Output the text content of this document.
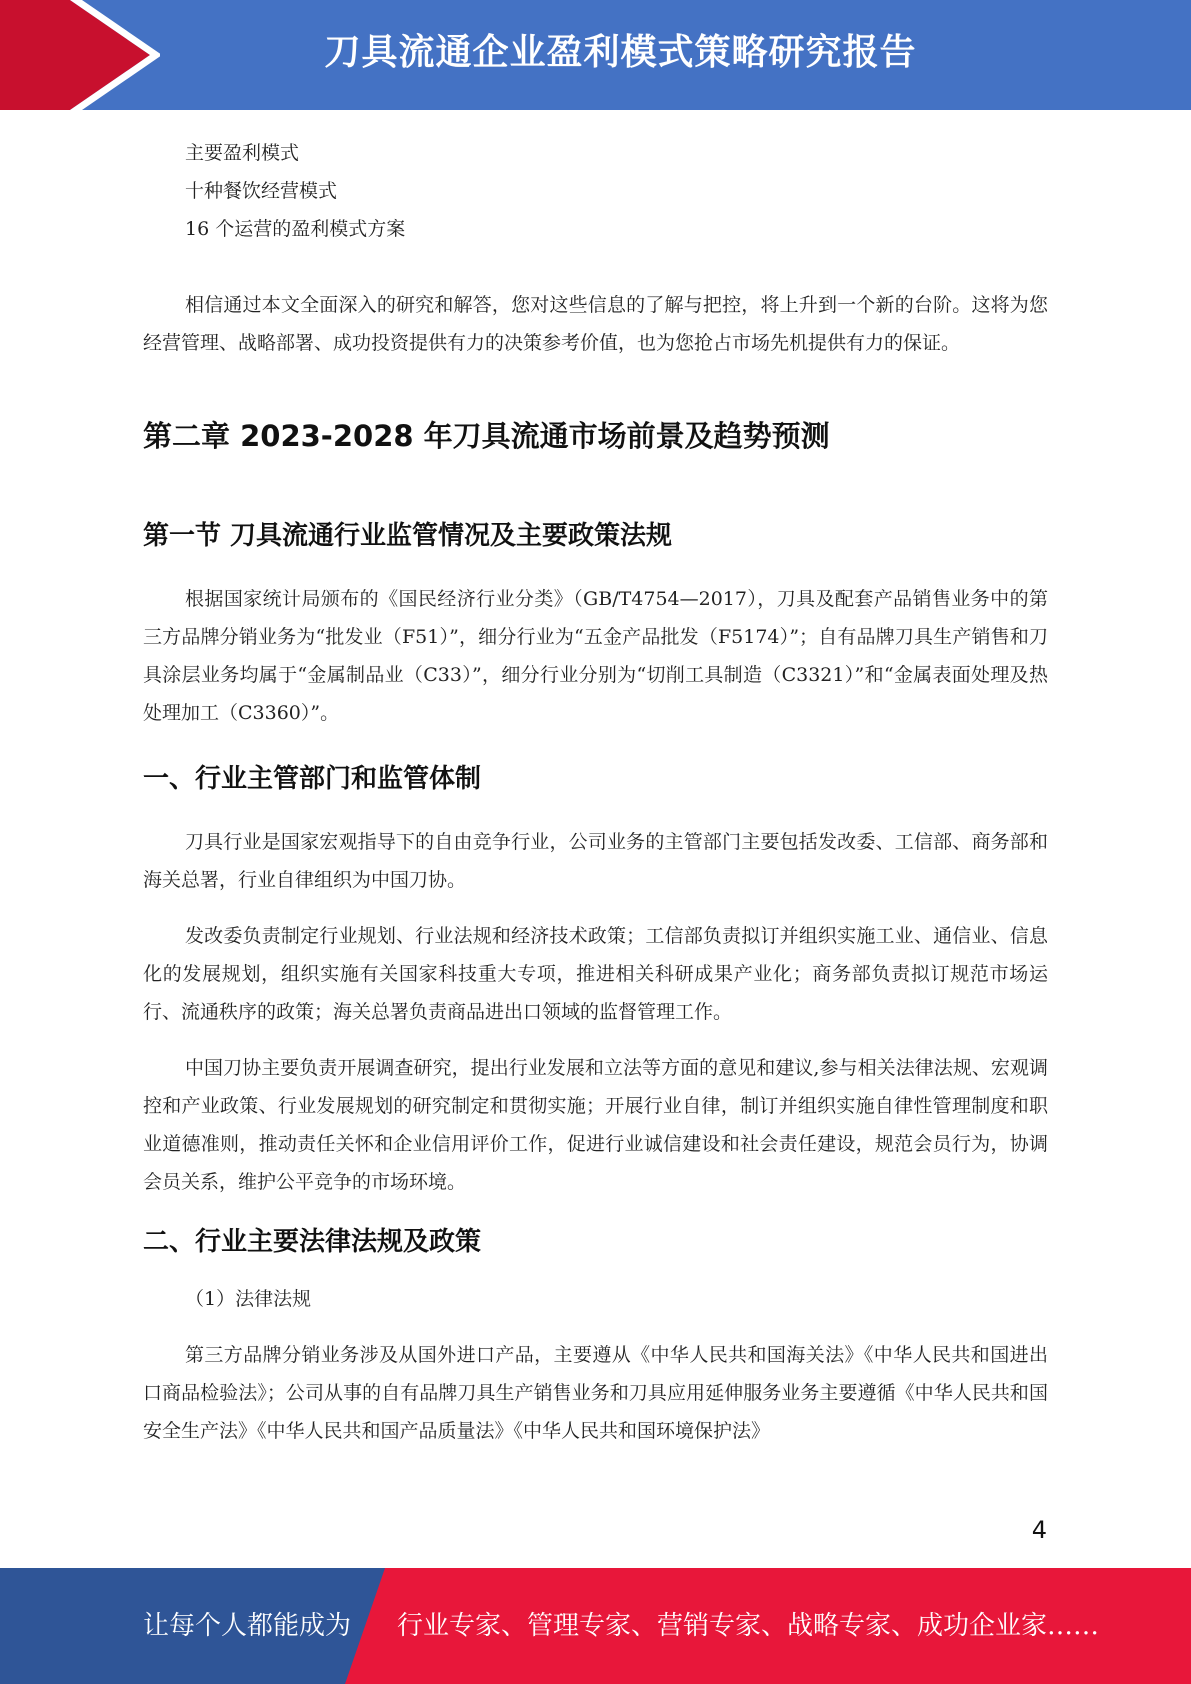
刀具流通企业盈利模式策略研究报告

主要盈利模式

十种餐饮经营模式

16 个运营的盈利模式方案

相信通过本文全面深入的研究和解答，您对这些信息的了解与把控，将上升到一个新的台阶。这将为您经营管理、战略部署、成功投资提供有力的决策参考价值，也为您抢占市场先机提供有力的保证。

第二章 2023-2028 年刀具流通市场前景及趋势预测
第一节 刀具流通行业监管情况及主要政策法规

根据国家统计局颁布的《国民经济行业分类》（GB/T4754—2017），刀具及配套产品销售业务中的第三方品牌分销业务为“批发业（F51）”，细分行业为“五金产品批发（F5174）”；自有品牌刀具生产销售和刀具涂层业务均属于“金属制品业（C33）”，细分行业分别为“切削工具制造（C3321）”和“金属表面处理及热处理加工（C3360）”。

一、行业主管部门和监管体制

刀具行业是国家宏观指导下的自由竞争行业，公司业务的主管部门主要包括发改委、工信部、商务部和海关总署，行业自律组织为中国刀协。

发改委负责制定行业规划、行业法规和经济技术政策；工信部负责拟订并组织实施工业、通信业、信息化的发展规划，组织实施有关国家科技重大专项，推进相关科研成果产业化；商务部负责拟订规范市场运行、流通秩序的政策；海关总署负责商品进出口领域的监督管理工作。

中国刀协主要负责开展调查研究，提出行业发展和立法等方面的意见和建议,参与相关法律法规、宏观调控和产业政策、行业发展规划的研究制定和贯彻实施；开展行业自律，制订并组织实施自律性管理制度和职业道德准则，推动责任关怀和企业信用评价工作，促进行业诚信建设和社会责任建设，规范会员行为，协调会员关系，维护公平竞争的市场环境。

二、行业主要法律法规及政策

（1）法律法规

第三方品牌分销业务涉及从国外进口产品，主要遵从《中华人民共和国海关法》《中华人民共和国进出口商品检验法》；公司从事的自有品牌刀具生产销售业务和刀具应用延伸服务业务主要遵循《中华人民共和国安全生产法》《中华人民共和国产品质量法》《中华人民共和国环境保护法》

4
让每个人都能成为 行业专家、管理专家、营销专家、战略专家、成功企业家……
